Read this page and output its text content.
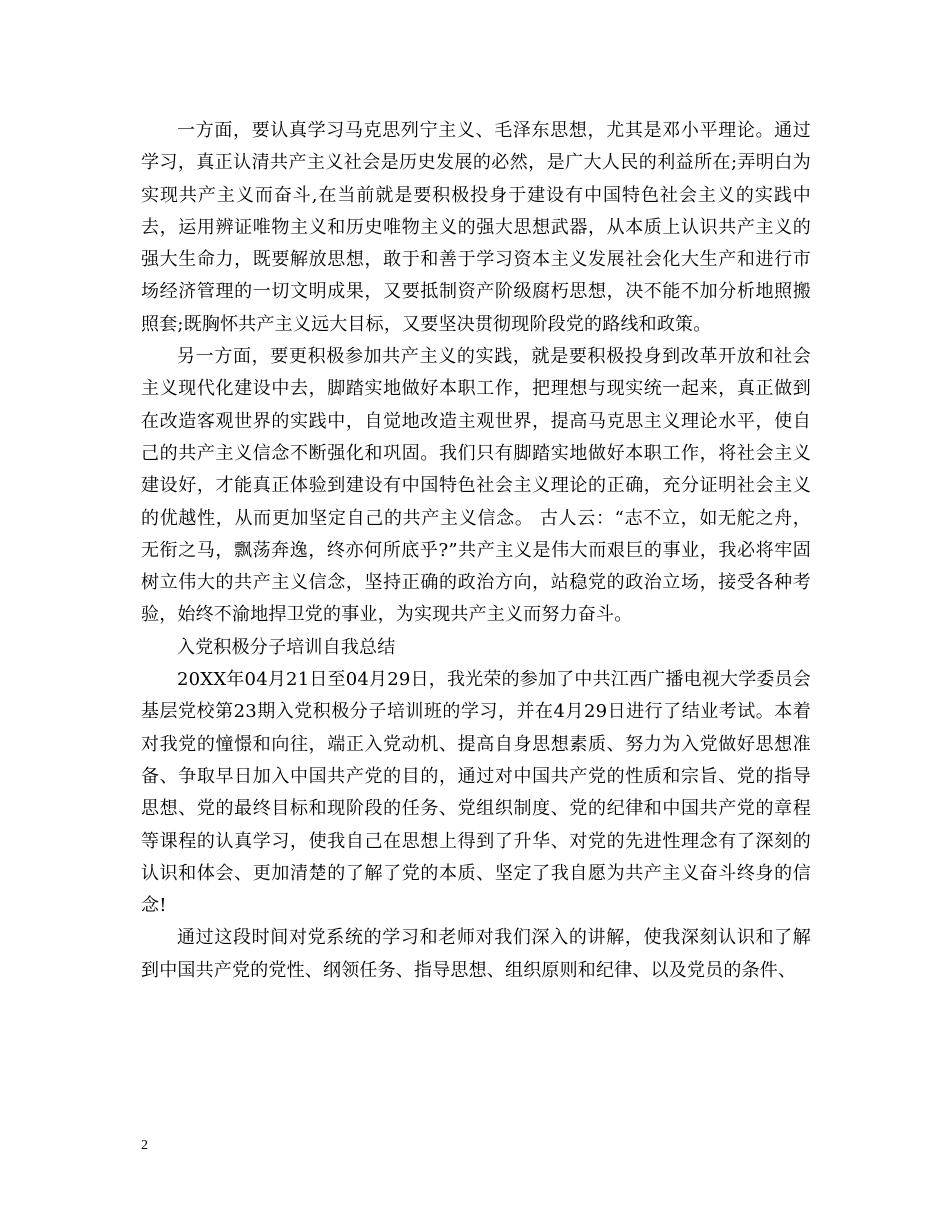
一方面，要认真学习马克思列宁主义、毛泽东思想，尤其是邓小平理论。通过学习，真正认清共产主义社会是历史发展的必然，是广大人民的利益所在;弄明白为实现共产主义而奋斗,在当前就是要积极投身于建设有中国特色社会主义的实践中去，运用辨证唯物主义和历史唯物主义的强大思想武器，从本质上认识共产主义的强大生命力，既要解放思想，敢于和善于学习资本主义发展社会化大生产和进行市场经济管理的一切文明成果，又要抵制资产阶级腐朽思想，决不能不加分析地照搬照套;既胸怀共产主义远大目标，又要坚决贯彻现阶段党的路线和政策。

另一方面，要更积极参加共产主义的实践，就是要积极投身到改革开放和社会主义现代化建设中去，脚踏实地做好本职工作，把理想与现实统一起来，真正做到在改造客观世界的实践中，自觉地改造主观世界，提高马克思主义理论水平，使自己的共产主义信念不断强化和巩固。我们只有脚踏实地做好本职工作，将社会主义建设好，才能真正体验到建设有中国特色社会主义理论的正确，充分证明社会主义的优越性，从而更加坚定自己的共产主义信念。 古人云：“志不立，如无舵之舟，无衔之马，飘荡奔逸，终亦何所底乎?”共产主义是伟大而艰巨的事业，我必将牢固树立伟大的共产主义信念，坚持正确的政治方向，站稳党的政治立场，接受各种考验，始终不渝地捍卫党的事业，为实现共产主义而努力奋斗。

入党积极分子培训自我总结

20XX年04月21日至04月29日，我光荣的参加了中共江西广播电视大学委员会基层党校第23期入党积极分子培训班的学习，并在4月29日进行了结业考试。本着对我党的憧憬和向往，端正入党动机、提高自身思想素质、努力为入党做好思想准备、争取早日加入中国共产党的目的，通过对中国共产党的性质和宗旨、党的指导思想、党的最终目标和现阶段的任务、党组织制度、党的纪律和中国共产党的章程等课程的认真学习，使我自己在思想上得到了升华、对党的先进性理念有了深刻的认识和体会、更加清楚的了解了党的本质、坚定了我自愿为共产主义奋斗终身的信念!

通过这段时间对党系统的学习和老师对我们深入的讲解，使我深刻认识和了解到中国共产党的党性、纲领任务、指导思想、组织原则和纪律、以及党员的条件、

2
